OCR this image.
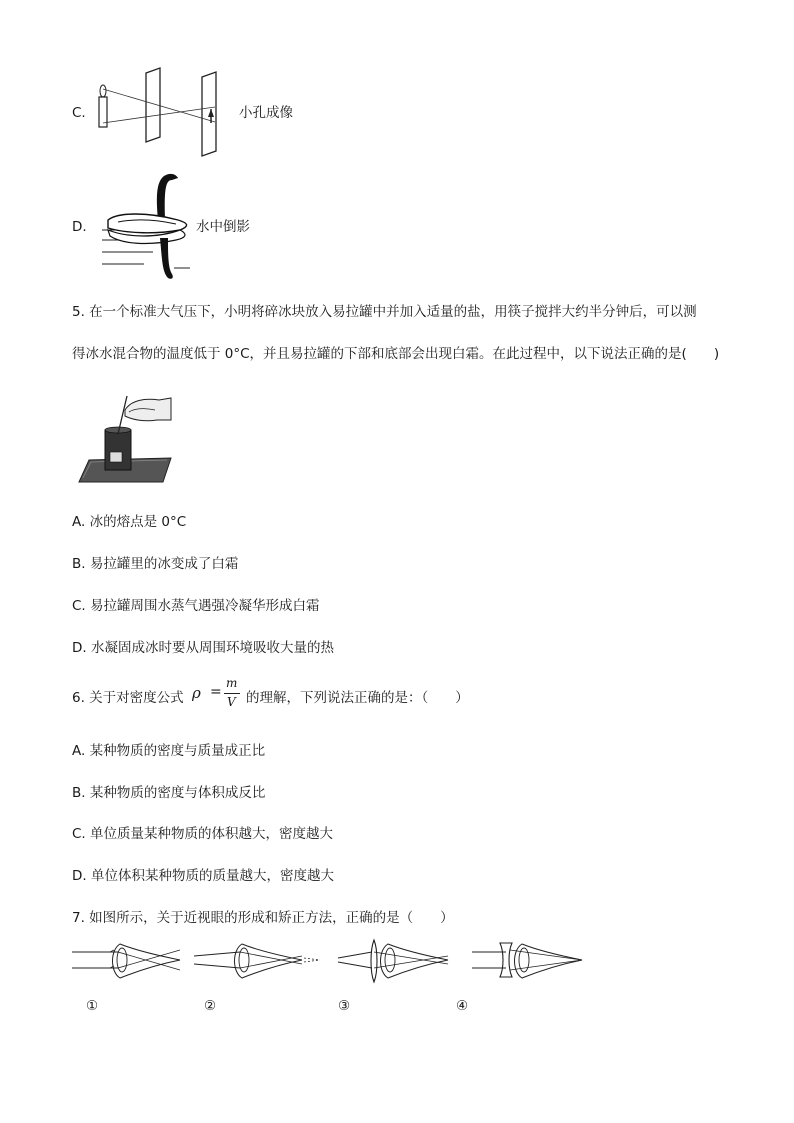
C.	小孔成像
D.	水中倒影
5. 在一个标准大气压下，小明将碎冰块放入易拉罐中并加入适量的盐，用筷子搅拌大约半分钟后，可以测
得冰水混合物的温度低于 0°C，并且易拉罐的下部和底部会出现白霜。在此过程中，以下说法正确的是(　　)
A. 冰的熔点是 0°C
B. 易拉罐里的冰变成了白霜
C. 易拉罐周围水蒸气遇强冷凝华形成白霜
D. 水凝固成冰时要从周围环境吸收大量的热
6. 关于对密度公式 ρ =
m
V 的理解，下列说法正确的是：（　　）
A. 某种物质的密度与质量成正比
B. 某种物质的密度与体积成反比
C. 单位质量某种物质的体积越大，密度越大
D. 单位体积某种物质的质量越大，密度越大
7. 如图所示，关于近视眼的形成和矫正方法，正确的是（　　）
①	②	③	④
